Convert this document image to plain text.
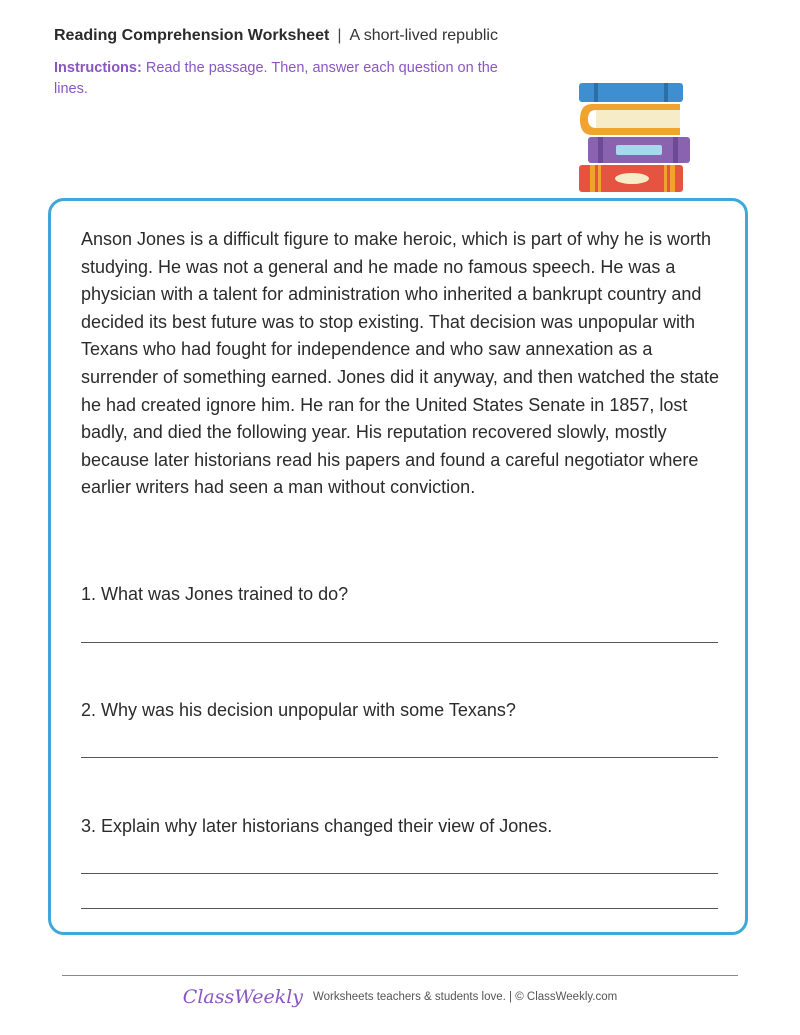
Reading Comprehension Worksheet | A short-lived republic
Instructions: Read the passage. Then, answer each question on the lines.

Anson Jones is a difficult figure to make heroic, which is part of why he is worth studying. He was not a general and he made no famous speech. He was a physician with a talent for administration who inherited a bankrupt country and decided its best future was to stop existing. That decision was unpopular with Texans who had fought for independence and who saw annexation as a surrender of something earned. Jones did it anyway, and then watched the state he had created ignore him. He ran for the United States Senate in 1857, lost badly, and died the following year. His reputation recovered slowly, mostly because later historians read his papers and found a careful negotiator where earlier writers had seen a man without conviction.

1. What was Jones trained to do?
2. Why was his decision unpopular with some Texans?
3. Explain why later historians changed their view of Jones.
ClassWeekly Worksheets teachers & students love. | © ClassWeekly.com
